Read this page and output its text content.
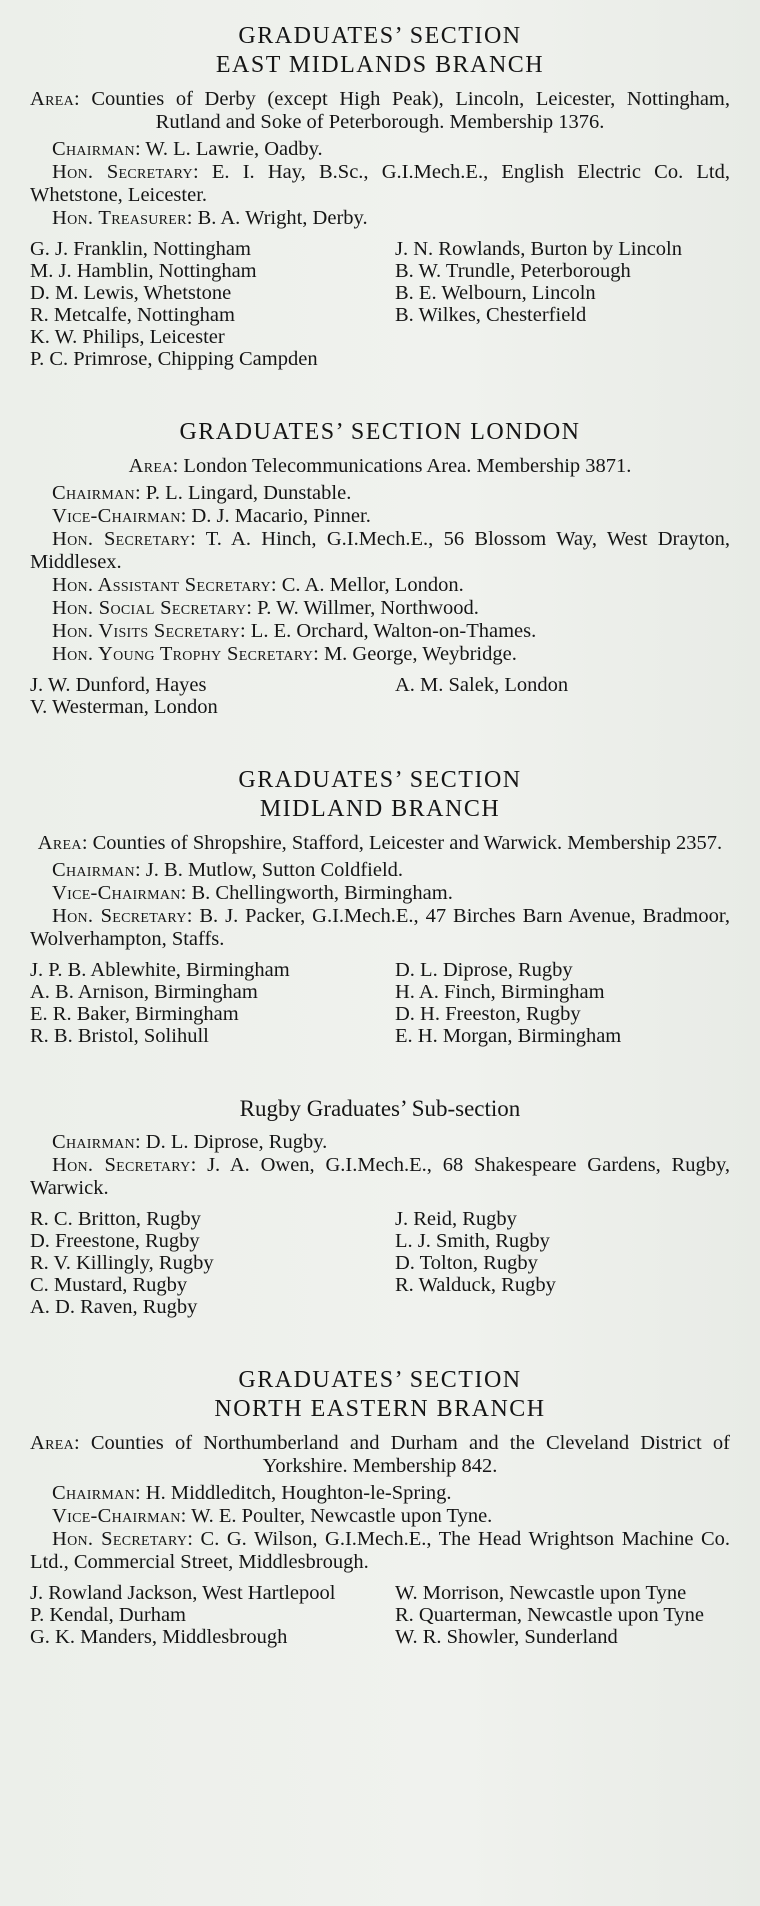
GRADUATES’ SECTION
EAST MIDLANDS BRANCH

Area: Counties of Derby (except High Peak), Lincoln, Leicester, Nottingham, Rutland and Soke of Peterborough. Membership 1376.

Chairman: W. L. Lawrie, Oadby.

Hon. Secretary: E. I. Hay, B.Sc., G.I.Mech.E., English Electric Co. Ltd, Whetstone, Leicester.

Hon. Treasurer: B. A. Wright, Derby.

G. J. Franklin, Nottingham
M. J. Hamblin, Nottingham
D. M. Lewis, Whetstone
R. Metcalfe, Nottingham
K. W. Philips, Leicester
P. C. Primrose, Chipping Campden
J. N. Rowlands, Burton by Lincoln
B. W. Trundle, Peterborough
B. E. Welbourn, Lincoln
B. Wilkes, Chesterfield
GRADUATES’ SECTION LONDON

Area: London Telecommunications Area. Membership 3871.

Chairman: P. L. Lingard, Dunstable.

Vice-Chairman: D. J. Macario, Pinner.

Hon. Secretary: T. A. Hinch, G.I.Mech.E., 56 Blossom Way, West Drayton, Middlesex.

Hon. Assistant Secretary: C. A. Mellor, London.

Hon. Social Secretary: P. W. Willmer, Northwood.

Hon. Visits Secretary: L. E. Orchard, Walton-on-Thames.

Hon. Young Trophy Secretary: M. George, Weybridge.

J. W. Dunford, Hayes
V. Westerman, London
A. M. Salek, London
GRADUATES’ SECTION
MIDLAND BRANCH

Area: Counties of Shropshire, Stafford, Leicester and Warwick. Membership 2357.

Chairman: J. B. Mutlow, Sutton Coldfield.

Vice-Chairman: B. Chellingworth, Birmingham.

Hon. Secretary: B. J. Packer, G.I.Mech.E., 47 Birches Barn Avenue, Bradmoor, Wolverhampton, Staffs.

J. P. B. Ablewhite, Birmingham
A. B. Arnison, Birmingham
E. R. Baker, Birmingham
R. B. Bristol, Solihull
D. L. Diprose, Rugby
H. A. Finch, Birmingham
D. H. Freeston, Rugby
E. H. Morgan, Birmingham
Rugby Graduates’ Sub-section

Chairman: D. L. Diprose, Rugby.

Hon. Secretary: J. A. Owen, G.I.Mech.E., 68 Shakespeare Gardens, Rugby, Warwick.

R. C. Britton, Rugby
D. Freestone, Rugby
R. V. Killingly, Rugby
C. Mustard, Rugby
A. D. Raven, Rugby
J. Reid, Rugby
L. J. Smith, Rugby
D. Tolton, Rugby
R. Walduck, Rugby
GRADUATES’ SECTION
NORTH EASTERN BRANCH

Area: Counties of Northumberland and Durham and the Cleveland District of Yorkshire. Membership 842.

Chairman: H. Middleditch, Houghton-le-Spring.

Vice-Chairman: W. E. Poulter, Newcastle upon Tyne.

Hon. Secretary: C. G. Wilson, G.I.Mech.E., The Head Wrightson Machine Co. Ltd., Commercial Street, Middlesbrough.

J. Rowland Jackson, West Hartlepool
P. Kendal, Durham
G. K. Manders, Middlesbrough
W. Morrison, Newcastle upon Tyne
R. Quarterman, Newcastle upon Tyne
W. R. Showler, Sunderland
